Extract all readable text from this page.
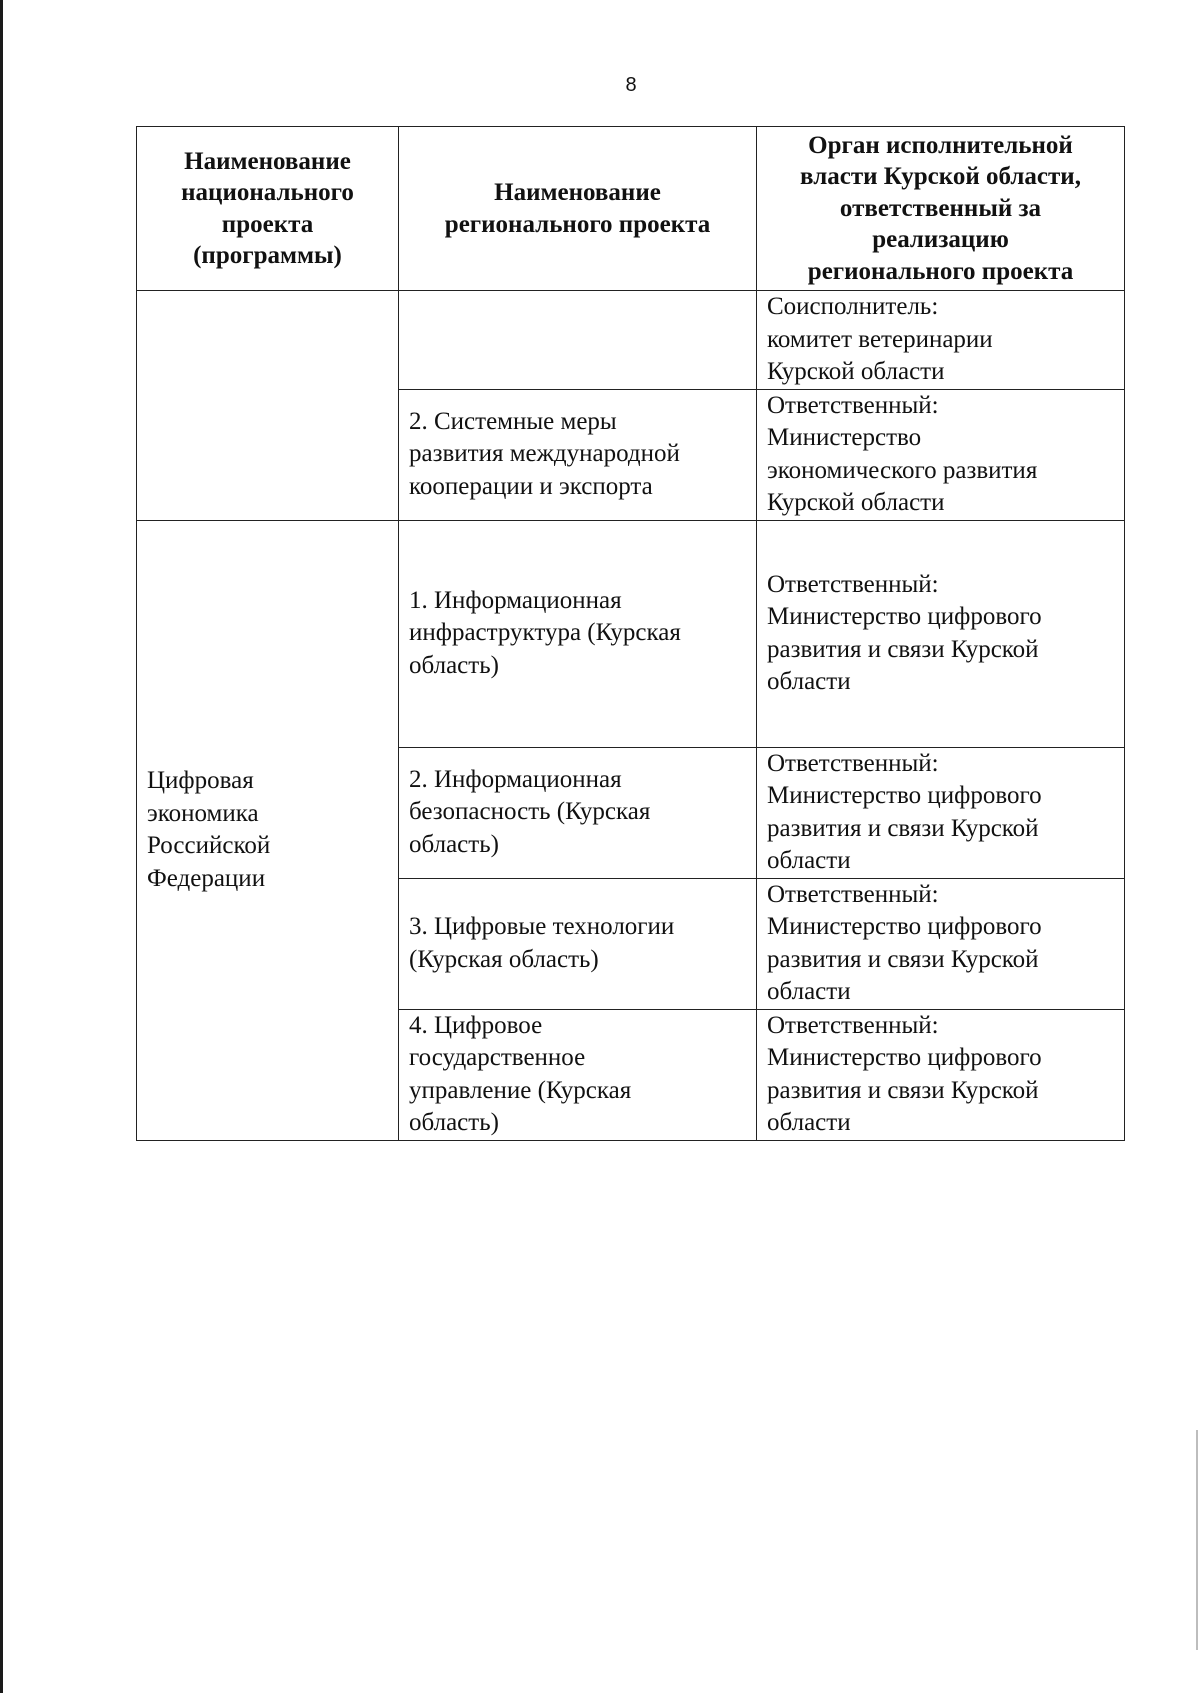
8
Наименование
национального
проекта
(программы)	Наименование
регионального проекта	Орган исполнительной
власти Курской области,
ответственный за
реализацию
регионального проекта
		Соисполнитель:
комитет ветеринарии
Курской области
	2. Системные меры
развития международной
кооперации и экспорта	Ответственный:
Министерство
экономического развития
Курской области
Цифровая
экономика
Российской
Федерации	1. Информационная
инфраструктура (Курская
область)	Ответственный:
Министерство цифрового
развития и связи Курской
области
	2. Информационная
безопасность (Курская
область)	Ответственный:
Министерство цифрового
развития и связи Курской
области
	3. Цифровые технологии
(Курская область)	Ответственный:
Министерство цифрового
развития и связи Курской
области
	4. Цифровое
государственное
управление (Курская
область)	Ответственный:
Министерство цифрового
развития и связи Курской
области
